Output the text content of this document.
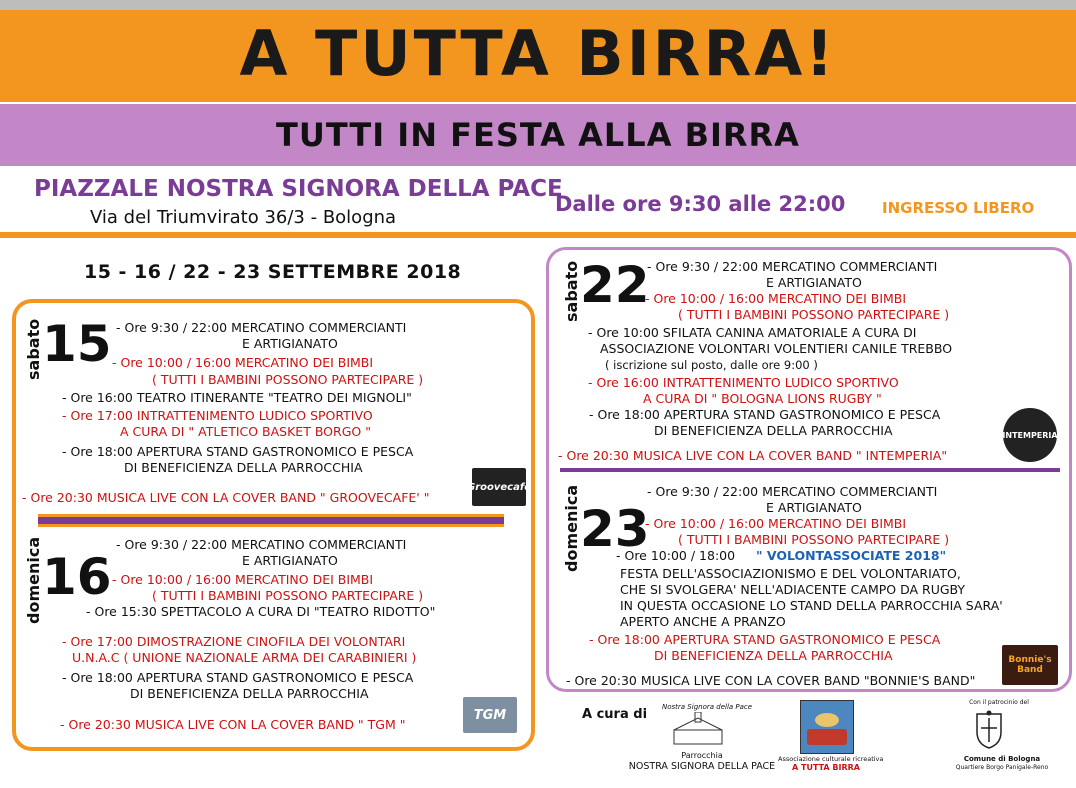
A TUTTA BIRRA!
TUTTI IN FESTA ALLA BIRRA
PIAZZALE NOSTRA SIGNORA DELLA PACE
Via del Triumvirato 36/3 - Bologna
Dalle ore 9:30 alle 22:00 INGRESSO LIBERO
15 - 16 / 22 - 23 SETTEMBRE 2018
sabato 15 - Ore 9:30 / 22:00 MERCATINO COMMERCIANTI
E ARTIGIANATO
- Ore 10:00 / 16:00 MERCATINO DEI BIMBI
( TUTTI I BAMBINI POSSONO PARTECIPARE )
- Ore 16:00 TEATRO ITINERANTE "TEATRO DEI MIGNOLI"
- Ore 17:00 INTRATTENIMENTO LUDICO SPORTIVO
A CURA DI " ATLETICO BASKET BORGO "
- Ore 18:00 APERTURA STAND GASTRONOMICO E PESCA
DI BENEFICIENZA DELLA PARROCCHIA
- Ore 20:30 MUSICA LIVE CON LA COVER BAND " GROOVECAFE' "
Groovecafè
domenica 16
- Ore 9:30 / 22:00 MERCATINO COMMERCIANTI
E ARTIGIANATO
- Ore 10:00 / 16:00 MERCATINO DEI BIMBI
( TUTTI I BAMBINI POSSONO PARTECIPARE )
- Ore 15:30 SPETTACOLO A CURA DI "TEATRO RIDOTTO"
- Ore 17:00 DIMOSTRAZIONE CINOFILA DEI VOLONTARI
U.N.A.C ( UNIONE NAZIONALE ARMA DEI CARABINIERI )
- Ore 18:00 APERTURA STAND GASTRONOMICO E PESCA
DI BENEFICIENZA DELLA PARROCCHIA
- Ore 20:30 MUSICA LIVE CON LA COVER BAND " TGM "
TGM
sabato 22
- Ore 9:30 / 22:00 MERCATINO COMMERCIANTI
E ARTIGIANATO
- Ore 10:00 / 16:00 MERCATINO DEI BIMBI
( TUTTI I BAMBINI POSSONO PARTECIPARE )
- Ore 10:00 SFILATA CANINA AMATORIALE A CURA DI
ASSOCIAZIONE VOLONTARI VOLENTIERI CANILE TREBBO
( iscrizione sul posto, dalle ore 9:00 )
- Ore 16:00 INTRATTENIMENTO LUDICO SPORTIVO
A CURA DI " BOLOGNA LIONS RUGBY "
- Ore 18:00 APERTURA STAND GASTRONOMICO E PESCA
DI BENEFICIENZA DELLA PARROCCHIA
- Ore 20:30 MUSICA LIVE CON LA COVER BAND " INTEMPERIA"
INTEMPERIA
domenica 23
- Ore 9:30 / 22:00 MERCATINO COMMERCIANTI
E ARTIGIANATO
- Ore 10:00 / 16:00 MERCATINO DEI BIMBI
( TUTTI I BAMBINI POSSONO PARTECIPARE )
- Ore 10:00 / 18:00 " VOLONTASSOCIATE 2018"
FESTA DELL'ASSOCIAZIONISMO E DEL VOLONTARIATO,
CHE SI SVOLGERA' NELL'ADIACENTE CAMPO DA RUGBY
IN QUESTA OCCASIONE LO STAND DELLA PARROCCHIA SARA'
APERTO ANCHE A PRANZO
- Ore 18:00 APERTURA STAND GASTRONOMICO E PESCA
DI BENEFICIENZA DELLA PARROCCHIA
- Ore 20:30 MUSICA LIVE CON LA COVER BAND "BONNIE'S BAND"
Bonnie's Band
A cura di Nostra Signora della Pace
Parrocchia
NOSTRA SIGNORA DELLA PACE
Associazione culturale ricreativa
A TUTTA BIRRA
Con il patrocinio del
Comune di Bologna
Quartiere Borgo Panigale-Reno
